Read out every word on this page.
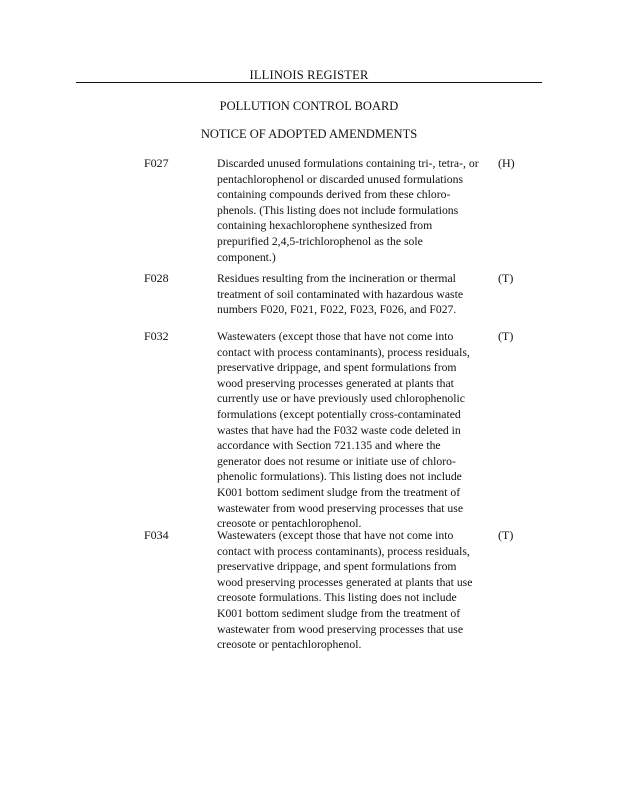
ILLINOIS REGISTER
POLLUTION CONTROL BOARD
NOTICE OF ADOPTED AMENDMENTS
F027	Discarded unused formulations containing tri-, tetra-, or
pentachlorophenol or discarded unused formulations
containing compounds derived from these chloro-
phenols. (This listing does not include formulations
containing hexachlorophene synthesized from
prepurified 2,4,5-trichlorophenol as the sole
component.)
(H)
F028	Residues resulting from the incineration or thermal
treatment of soil contaminated with hazardous waste
numbers F020, F021, F022, F023, F026, and F027.
(T)
F032	Wastewaters (except those that have not come into
contact with process contaminants), process residuals,
preservative drippage, and spent formulations from
wood preserving processes generated at plants that
currently use or have previously used chlorophenolic
formulations (except potentially cross-contaminated
wastes that have had the F032 waste code deleted in
accordance with Section 721.135 and where the
generator does not resume or initiate use of chloro-
phenolic formulations). This listing does not include
K001 bottom sediment sludge from the treatment of
wastewater from wood preserving processes that use
creosote or pentachlorophenol.
(T)
F034	Wastewaters (except those that have not come into
contact with process contaminants), process residuals,
preservative drippage, and spent formulations from
wood preserving processes generated at plants that use
creosote formulations. This listing does not include
K001 bottom sediment sludge from the treatment of
wastewater from wood preserving processes that use
creosote or pentachlorophenol.
(T)
